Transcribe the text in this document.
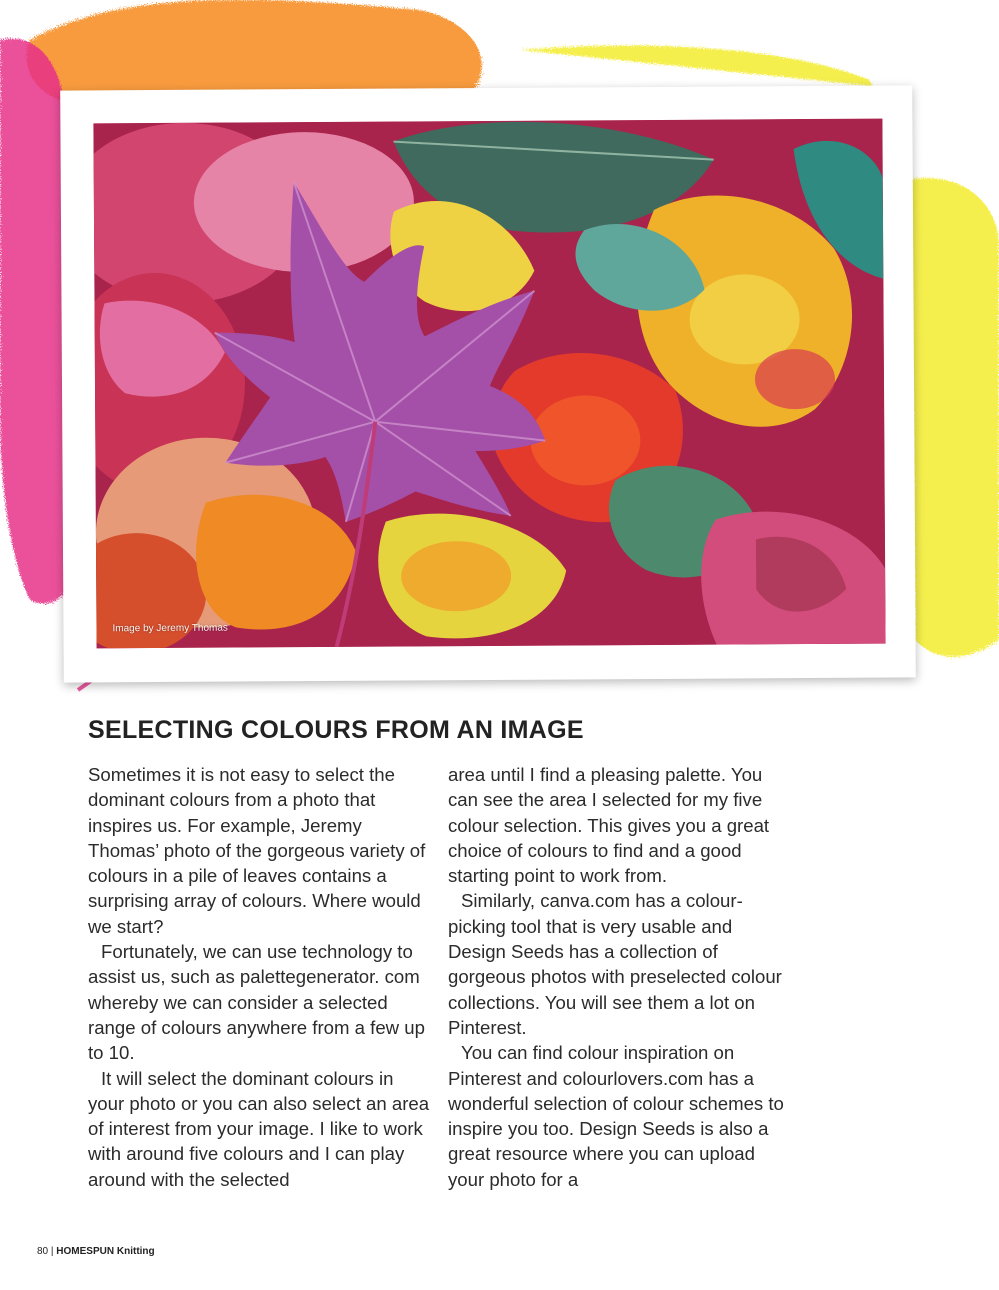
Image by Jeremy Thomas
SELECTING COLOURS FROM AN IMAGE

Sometimes it is not easy to select the dominant colours from a photo that inspires us. For example, Jeremy Thomas’ photo of the gorgeous variety of colours in a pile of leaves contains a surprising array of colours. Where would we start?

Fortunately, we can use technology to assist us, such as palettegenerator. com whereby we can consider a selected range of colours anywhere from a few up to 10.

It will select the dominant colours in your photo or you can also select an area of interest from your image. I like to work with around five colours and I can play around with the selected

area until I find a pleasing palette. You can see the area I selected for my five colour selection. This gives you a great choice of colours to find and a good starting point to work from.

Similarly, canva.com has a colour-picking tool that is very usable and Design Seeds has a collection of gorgeous photos with preselected colour collections. You will see them a lot on Pinterest.

You can find colour inspiration on Pinterest and colourlovers.com has a wonderful selection of colour schemes to inspire you too. Design Seeds is also a great resource where you can upload your photo for a

80 | HOMESPUN Knitting
